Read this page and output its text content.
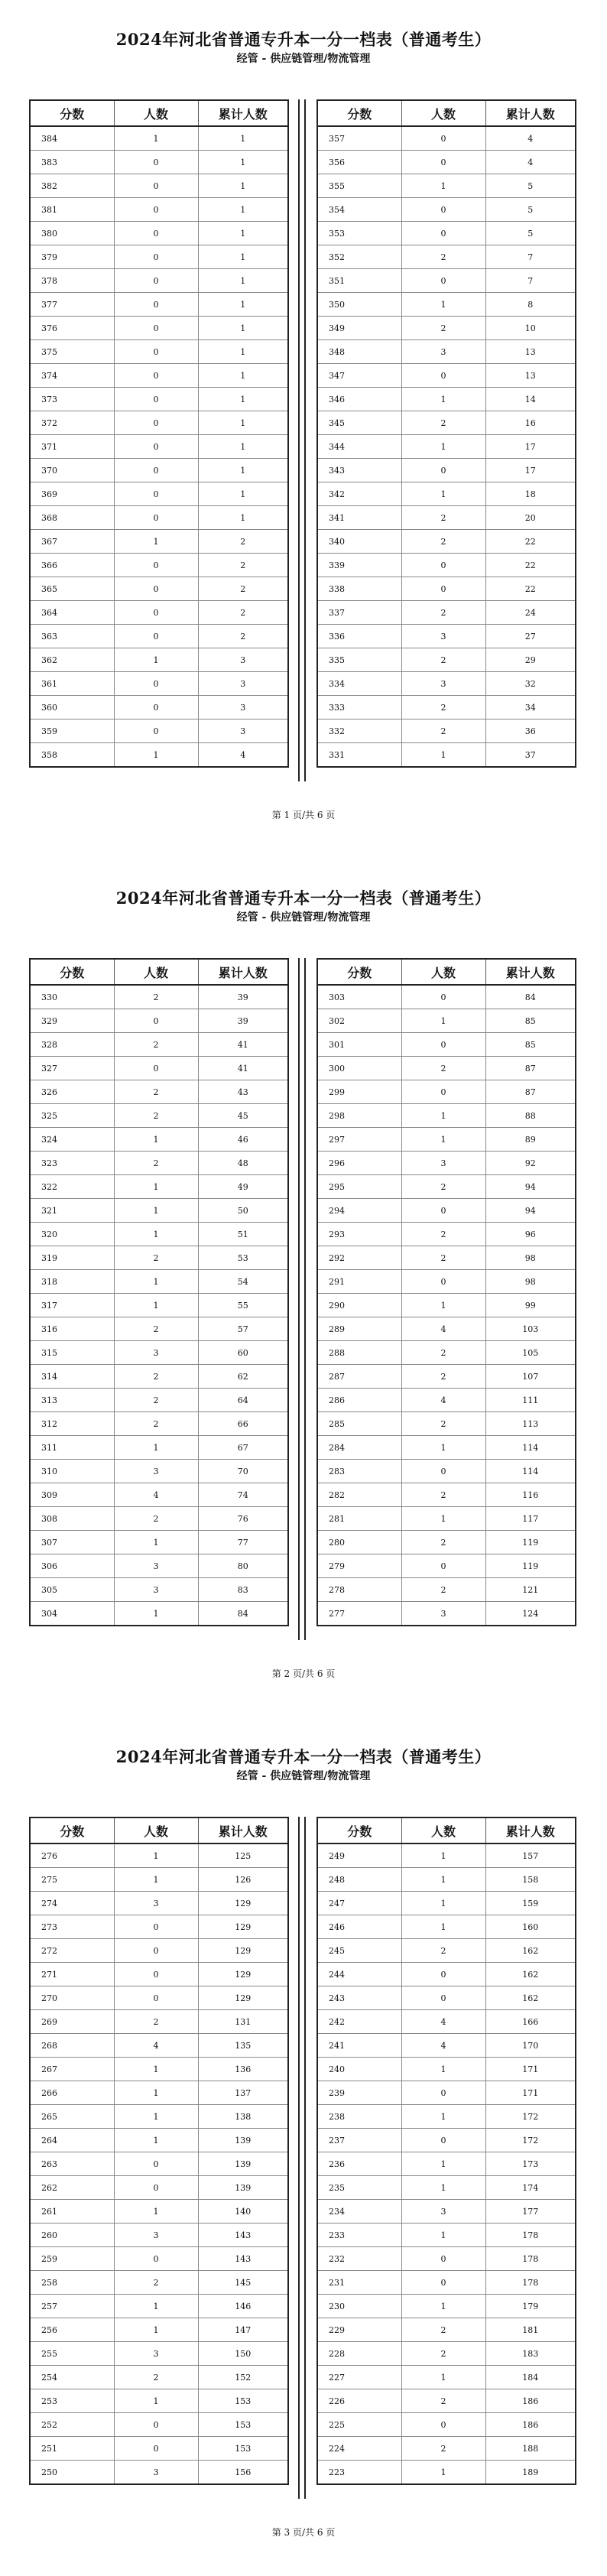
2024年河北省普通专升本一分一档表（普通考生）
经管 - 供应链管理/物流管理
分数	人数	累计人数
384	1	1
383	0	1
382	0	1
381	0	1
380	0	1
379	0	1
378	0	1
377	0	1
376	0	1
375	0	1
374	0	1
373	0	1
372	0	1
371	0	1
370	0	1
369	0	1
368	0	1
367	1	2
366	0	2
365	0	2
364	0	2
363	0	2
362	1	3
361	0	3
360	0	3
359	0	3
358	1	4
分数	人数	累计人数
357	0	4
356	0	4
355	1	5
354	0	5
353	0	5
352	2	7
351	0	7
350	1	8
349	2	10
348	3	13
347	0	13
346	1	14
345	2	16
344	1	17
343	0	17
342	1	18
341	2	20
340	2	22
339	0	22
338	0	22
337	2	24
336	3	27
335	2	29
334	3	32
333	2	34
332	2	36
331	1	37
第 1 页/共 6 页
2024年河北省普通专升本一分一档表（普通考生）
经管 - 供应链管理/物流管理
分数	人数	累计人数
330	2	39
329	0	39
328	2	41
327	0	41
326	2	43
325	2	45
324	1	46
323	2	48
322	1	49
321	1	50
320	1	51
319	2	53
318	1	54
317	1	55
316	2	57
315	3	60
314	2	62
313	2	64
312	2	66
311	1	67
310	3	70
309	4	74
308	2	76
307	1	77
306	3	80
305	3	83
304	1	84
分数	人数	累计人数
303	0	84
302	1	85
301	0	85
300	2	87
299	0	87
298	1	88
297	1	89
296	3	92
295	2	94
294	0	94
293	2	96
292	2	98
291	0	98
290	1	99
289	4	103
288	2	105
287	2	107
286	4	111
285	2	113
284	1	114
283	0	114
282	2	116
281	1	117
280	2	119
279	0	119
278	2	121
277	3	124
第 2 页/共 6 页
2024年河北省普通专升本一分一档表（普通考生）
经管 - 供应链管理/物流管理
分数	人数	累计人数
276	1	125
275	1	126
274	3	129
273	0	129
272	0	129
271	0	129
270	0	129
269	2	131
268	4	135
267	1	136
266	1	137
265	1	138
264	1	139
263	0	139
262	0	139
261	1	140
260	3	143
259	0	143
258	2	145
257	1	146
256	1	147
255	3	150
254	2	152
253	1	153
252	0	153
251	0	153
250	3	156
分数	人数	累计人数
249	1	157
248	1	158
247	1	159
246	1	160
245	2	162
244	0	162
243	0	162
242	4	166
241	4	170
240	1	171
239	0	171
238	1	172
237	0	172
236	1	173
235	1	174
234	3	177
233	1	178
232	0	178
231	0	178
230	1	179
229	2	181
228	2	183
227	1	184
226	2	186
225	0	186
224	2	188
223	1	189
第 3 页/共 6 页
